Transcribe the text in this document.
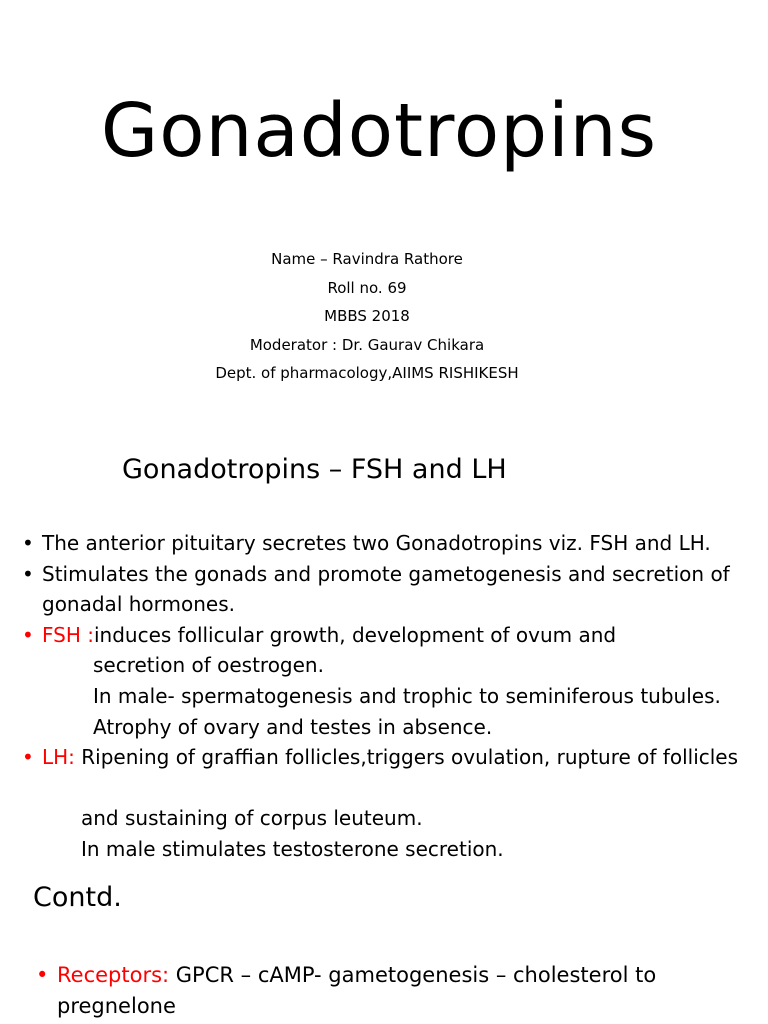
Gonadotropins
Name – Ravindra Rathore
Roll no. 69
MBBS 2018
Moderator : Dr. Gaurav Chikara
Dept. of pharmacology,AIIMS RISHIKESH
Gonadotropins – FSH and LH
• The anterior pituitary secretes two Gonadotropins viz. FSH and LH.
• Stimulates the gonads and promote gametogenesis and secretion of
gonadal hormones.
• FSH :induces follicular growth, development of ovum and
secretion of oestrogen.
In male- spermatogenesis and trophic to seminiferous tubules.
Atrophy of ovary and testes in absence.
• LH: Ripening of graffian follicles,triggers ovulation, rupture of follicles
and sustaining of corpus leuteum.
In male stimulates testosterone secretion.
Contd.
• Receptors: GPCR – cAMP- gametogenesis – cholesterol to
pregnelone
